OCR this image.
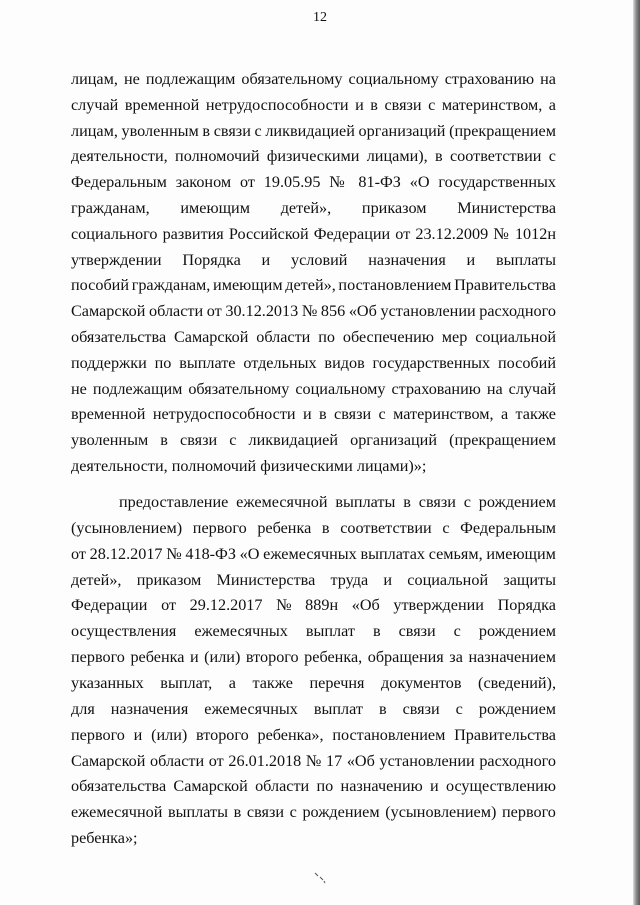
12
лицам, не подлежащим обязательному социальному страхованию на
случай временной нетрудоспособности и в связи с материнством, а
лицам, уволенным в связи с ликвидацией организаций (прекращением
деятельности, полномочий физическими лицами), в соответствии с
Федеральным законом от 19.05.95 № 81-ФЗ «О государственных
гражданам, имеющим детей», приказом Министерства
социального развития Российской Федерации от 23.12.2009 № 1012н
утверждении Порядка и условий назначения и выплаты
пособий гражданам, имеющим детей», постановлением Правительства
Самарской области от 30.12.2013 № 856 «Об установлении расходного
обязательства Самарской области по обеспечению мер социальной
поддержки по выплате отдельных видов государственных пособий
не подлежащим обязательному социальному страхованию на случай
временной нетрудоспособности и в связи с материнством, а также
уволенным в связи с ликвидацией организаций (прекращением
деятельности, полномочий физическими лицами)»;
предоставление ежемесячной выплаты в связи с рождением
(усыновлением) первого ребенка в соответствии с Федеральным
от 28.12.2017 № 418-ФЗ «О ежемесячных выплатах семьям, имеющим
детей», приказом Министерства труда и социальной защиты
Федерации от 29.12.2017 № 889н «Об утверждении Порядка
осуществления ежемесячных выплат в связи с рождением
первого ребенка и (или) второго ребенка, обращения за назначением
указанных выплат, а также перечня документов (сведений),
для назначения ежемесячных выплат в связи с рождением
первого и (или) второго ребенка», постановлением Правительства
Самарской области от 26.01.2018 № 17 «Об установлении расходного
обязательства Самарской области по назначению и осуществлению
ежемесячной выплаты в связи с рождением (усыновлением) первого
ребенка»;
